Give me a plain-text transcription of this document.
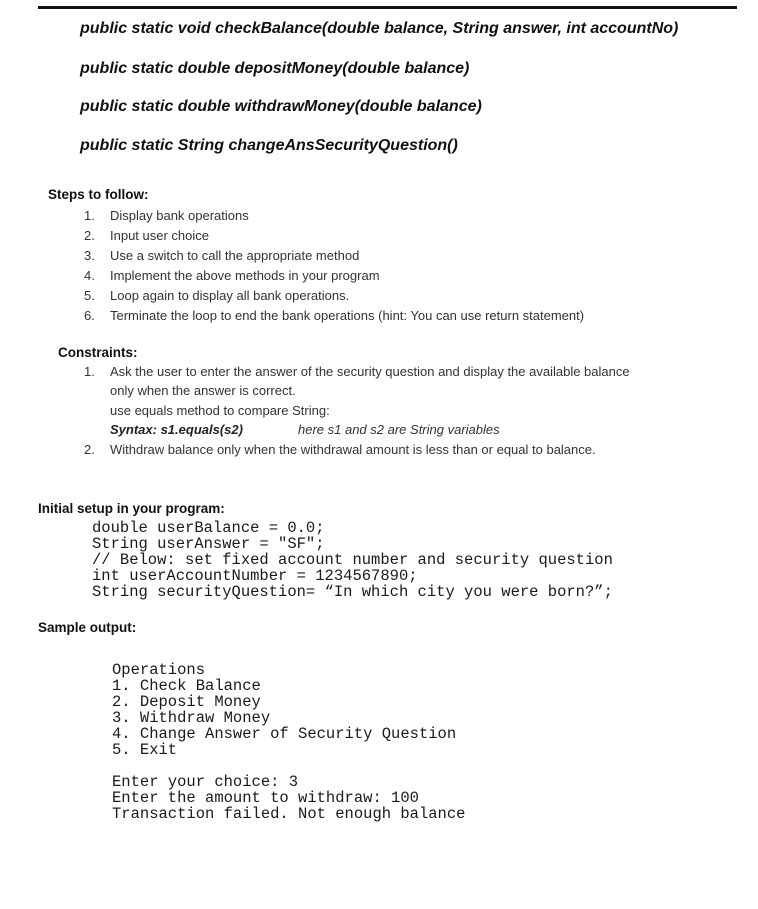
public static void checkBalance(double balance, String answer, int accountNo)
public static double depositMoney(double balance)
public static double withdrawMoney(double balance)
public static String changeAnsSecurityQuestion()
Steps to follow:
1.	Display bank operations
2.	Input user choice
3.	Use a switch to call the appropriate method
4.	Implement the above methods in your program
5.	Loop again to display all bank operations.
6.	Terminate the loop to end the bank operations (hint: You can use return statement)
Constraints:
1.	Ask the user to enter the answer of the security question and display the available balance
only when the answer is correct.
use equals method to compare String:
Syntax: s1.equals(s2)	here s1 and s2 are String variables
2.	Withdraw balance only when the withdrawal amount is less than or equal to balance.
Initial setup in your program:
double userBalance = 0.0;
String userAnswer = "SF";
// Below: set fixed account number and security question
int userAccountNumber = 1234567890;
String securityQuestion= “In which city you were born?”;
Sample output:
Operations
1. Check Balance
2. Deposit Money
3. Withdraw Money
4. Change Answer of Security Question
5. Exit
Enter your choice: 3
Enter the amount to withdraw: 100
Transaction failed. Not enough balance
